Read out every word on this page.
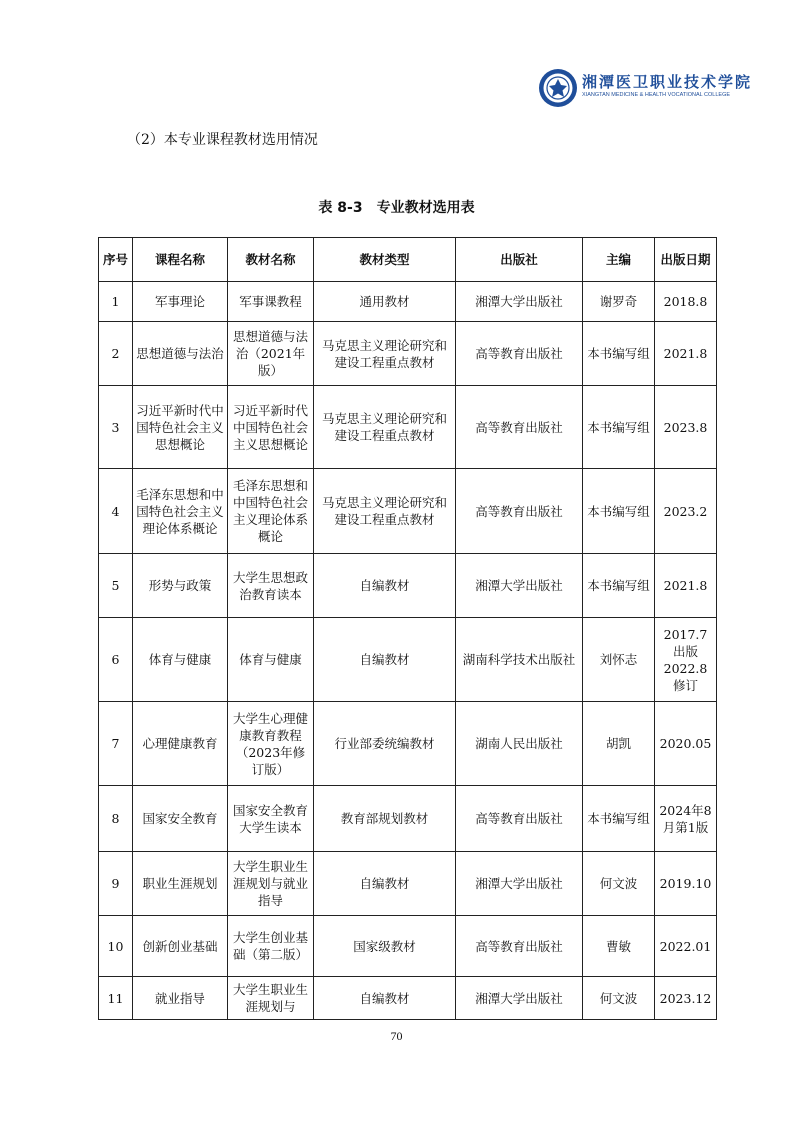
湘潭医卫职业技术学院
XIANGTAN MEDICINE & HEALTH VOCATIONAL COLLEGE
（2）本专业课程教材选用情况
表 8-3　专业教材选用表
序号	课程名称	教材名称	教材类型	出版社	主编	出版日期
1	军事理论	军事课教程	通用教材	湘潭大学出版社	谢罗奇	2018.8
2	思想道德与法治	思想道德与法治（2021年版）	马克思主义理论研究和建设工程重点教材	高等教育出版社	本书编写组	2021.8
3	习近平新时代中国特色社会主义思想概论	习近平新时代中国特色社会主义思想概论	马克思主义理论研究和建设工程重点教材	高等教育出版社	本书编写组	2023.8
4	毛泽东思想和中国特色社会主义理论体系概论	毛泽东思想和中国特色社会主义理论体系概论	马克思主义理论研究和建设工程重点教材	高等教育出版社	本书编写组	2023.2
5	形势与政策	大学生思想政治教育读本	自编教材	湘潭大学出版社	本书编写组	2021.8
6	体育与健康	体育与健康	自编教材	湖南科学技术出版社	刘怀志	2017.7出版2022.8修订
7	心理健康教育	大学生心理健康教育教程（2023年修订版）	行业部委统编教材	湖南人民出版社	胡凯	2020.05
8	国家安全教育	国家安全教育大学生读本	教育部规划教材	高等教育出版社	本书编写组	2024年8月第1版
9	职业生涯规划	大学生职业生涯规划与就业指导	自编教材	湘潭大学出版社	何文波	2019.10
10	创新创业基础	大学生创业基础（第二版）	国家级教材	高等教育出版社	曹敏	2022.01
11	就业指导	大学生职业生涯规划与	自编教材	湘潭大学出版社	何文波	2023.12
70
